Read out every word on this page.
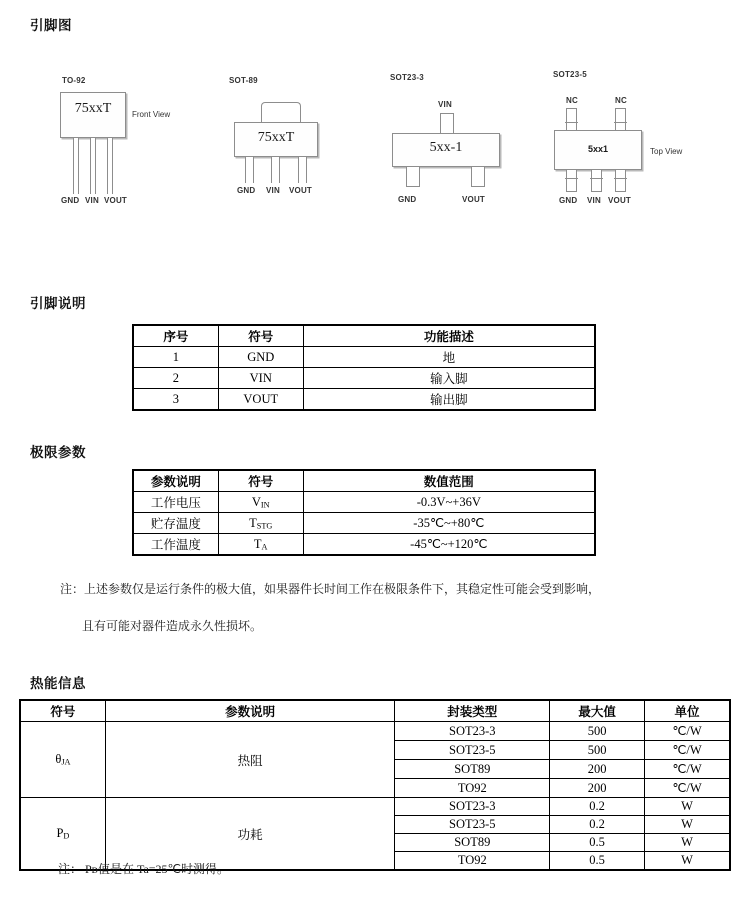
引脚图
TO-92
75xxT	Front View
GND VIN VOUT
SOT-89
75xxT
GND VIN VOUT
SOT23-3
VIN
5xx-1
GND	VOUT
SOT23-5
NC	NC
5xx1	Top View
GND VIN VOUT
引脚说明
序号	符号	功能描述
1	GND	地
2	VIN	输入脚
3	VOUT	输出脚
极限参数
参数说明	符号	数值范围
工作电压	$V_{IN}$	-0.3V~+36V
贮存温度	$T_{STG}$	-35℃~+80℃
工作温度	$T_A$	-45℃~+120℃

注：上述参数仅是运行条件的极大值，如果器件长时间工作在极限条件下，其稳定性可能会受到影响，

且有可能对器件造成永久性损坏。

热能信息
符号	参数说明	封装类型	最大值	单位
$\theta_{JA}$	热阻	SOT23-3	500	℃/W
		SOT23-5	500	℃/W
		SOT89	200	℃/W
		TO92	200	℃/W
$P_D$	功耗	SOT23-3	0.2	W
		SOT23-5	0.2	W
		SOT89	0.5	W
		TO92	0.5	W
注： Pᴅ值是在 Ta=25℃时测得。
